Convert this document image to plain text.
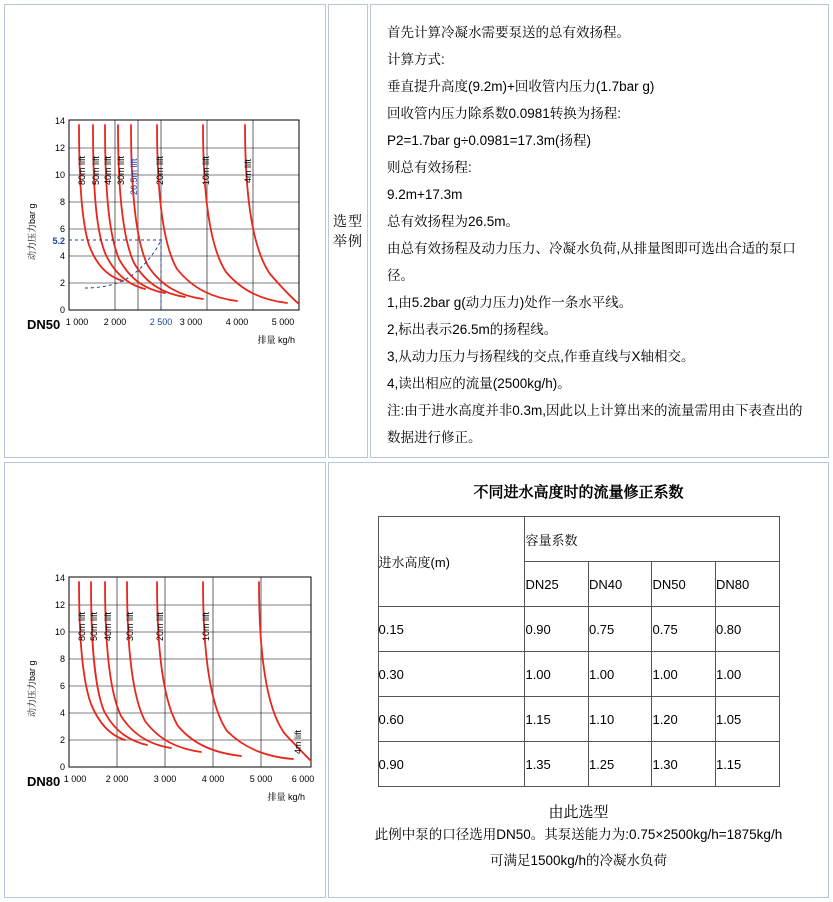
80m lift 50m lift 40m lift 30m lift 26.5m lift 20m lift	10m lift	4m lift
0
2
4
6
8
10
12
14
5.2
1 000 2 000	2 500 3 000	4 000	5 000
动力压力bar g
排量 kg/h
DN50
选型举例

首先计算冷凝水需要泵送的总有效扬程。

计算方式:

垂直提升高度(9.2m)+回收管内压力(1.7bar g)

回收管内压力除系数0.0981转换为扬程:

P2=1.7bar g÷0.0981=17.3m(扬程)

则总有效扬程:

9.2m+17.3m

总有效扬程为26.5m。

由总有效扬程及动力压力、冷凝水负荷,从排量图即可选出合适的泵口径。

1,由5.2bar g(动力压力)处作一条水平线。

2,标出表示26.5m的扬程线。

3,从动力压力与扬程线的交点,作垂直线与X轴相交。

4,读出相应的流量(2500kg/h)。

注:由于进水高度并非0.3m,因此以上计算出来的流量需用由下表查出的数据进行修正。

80m lift 50m lift 40m lift 30m lift 20m lift	10m lift
4m lift
0
2
4
6
8
10
12
14
1 000 2 000	3 000	4 000	5 000 6 000
动力压力bar g
排量 kg/h
DN80
不同进水高度时的流量修正系数
进水高度(m)	容量系数			
	DN25	DN40	DN50	DN80
0.15	0.90	0.75	0.75	0.80
0.30	1.00	1.00	1.00	1.00
0.60	1.15	1.10	1.20	1.05
0.90	1.35	1.25	1.30	1.15
由此选型
此例中泵的口径选用DN50。其泵送能力为:0.75×2500kg/h=1875kg/h
可满足1500kg/h的冷凝水负荷
